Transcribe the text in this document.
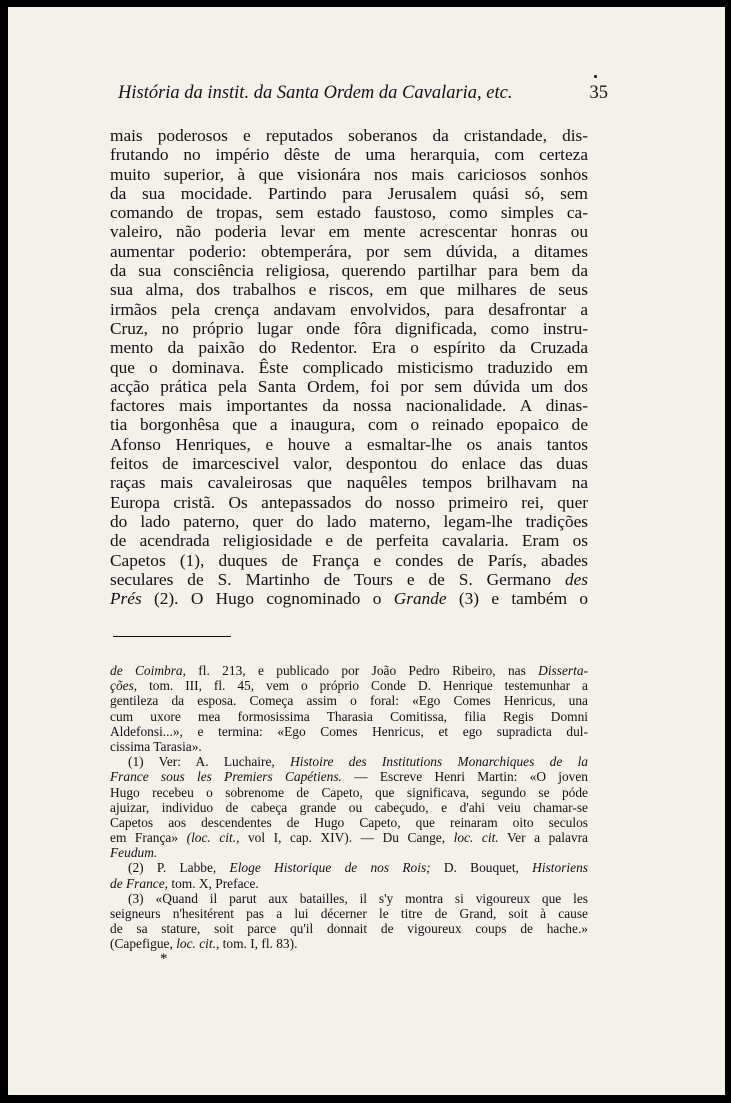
História da instit. da Santa Ordem da Cavalaria, etc.	35
mais poderosos e reputados soberanos da cristandade, dis-
frutando no império dêste de uma herarquia, com certeza
muito superior, à que visionára nos mais cariciosos sonhos
da sua mocidade. Partindo para Jerusalem quási só, sem
comando de tropas, sem estado faustoso, como simples ca-
valeiro, não poderia levar em mente acrescentar honras ou
aumentar poderio: obtemperára, por sem dúvida, a ditames
da sua consciência religiosa, querendo partilhar para bem da
sua alma, dos trabalhos e riscos, em que milhares de seus
irmãos pela crença andavam envolvidos, para desafrontar a
Cruz, no próprio lugar onde fôra dignificada, como instru-
mento da paixão do Redentor. Era o espírito da Cruzada
que o dominava. Êste complicado misticismo traduzido em
acção prática pela Santa Ordem, foi por sem dúvida um dos
factores mais importantes da nossa nacionalidade. A dinas-
tia borgonhêsa que a inaugura, com o reinado epopaico de
Afonso Henriques, e houve a esmaltar-lhe os anais tantos
feitos de imarcescivel valor, despontou do enlace das duas
raças mais cavaleirosas que naquêles tempos brilhavam na
Europa cristã. Os antepassados do nosso primeiro rei, quer
do lado paterno, quer do lado materno, legam-lhe tradições
de acendrada religiosidade e de perfeita cavalaria. Eram os
Capetos (1), duques de França e condes de París, abades
seculares de S. Martinho de Tours e de S. Germano des
Prés (2). O Hugo cognominado o Grande (3) e também o
de Coimbra, fl. 213, e publicado por João Pedro Ribeiro, nas Disserta-
ções, tom. III, fl. 45, vem o próprio Conde D. Henrique testemunhar a
gentileza da esposa. Começa assim o foral: «Ego Comes Henricus, una
cum uxore mea formosissima Tharasia Comitissa, filia Regis Domni
Aldefonsi...», e termina: «Ego Comes Henricus, et ego supradicta dul-
cissima Tarasia».
(1) Ver: A. Luchaire, Histoire des Institutions Monarchiques de la
France sous les Premiers Capétiens. — Escreve Henri Martin: «O joven
Hugo recebeu o sobrenome de Capeto, que significava, segundo se póde
ajuizar, individuo de cabeça grande ou cabeçudo, e d'ahi veiu chamar-se
Capetos aos descendentes de Hugo Capeto, que reinaram oito seculos
em França» (loc. cit., vol I, cap. XIV). — Du Cange, loc. cit. Ver a palavra
Feudum.
(2) P. Labbe, Eloge Historique de nos Rois; D. Bouquet, Historiens
de France, tom. X, Preface.
(3) «Quand il parut aux batailles, il s'y montra si vigoureux que les
seigneurs n'hesitérent pas a lui décerner le titre de Grand, soit à cause
de sa stature, soit parce qu'il donnait de vigoureux coups de hache.»
(Capefigue, loc. cit., tom. I, fl. 83).
*
